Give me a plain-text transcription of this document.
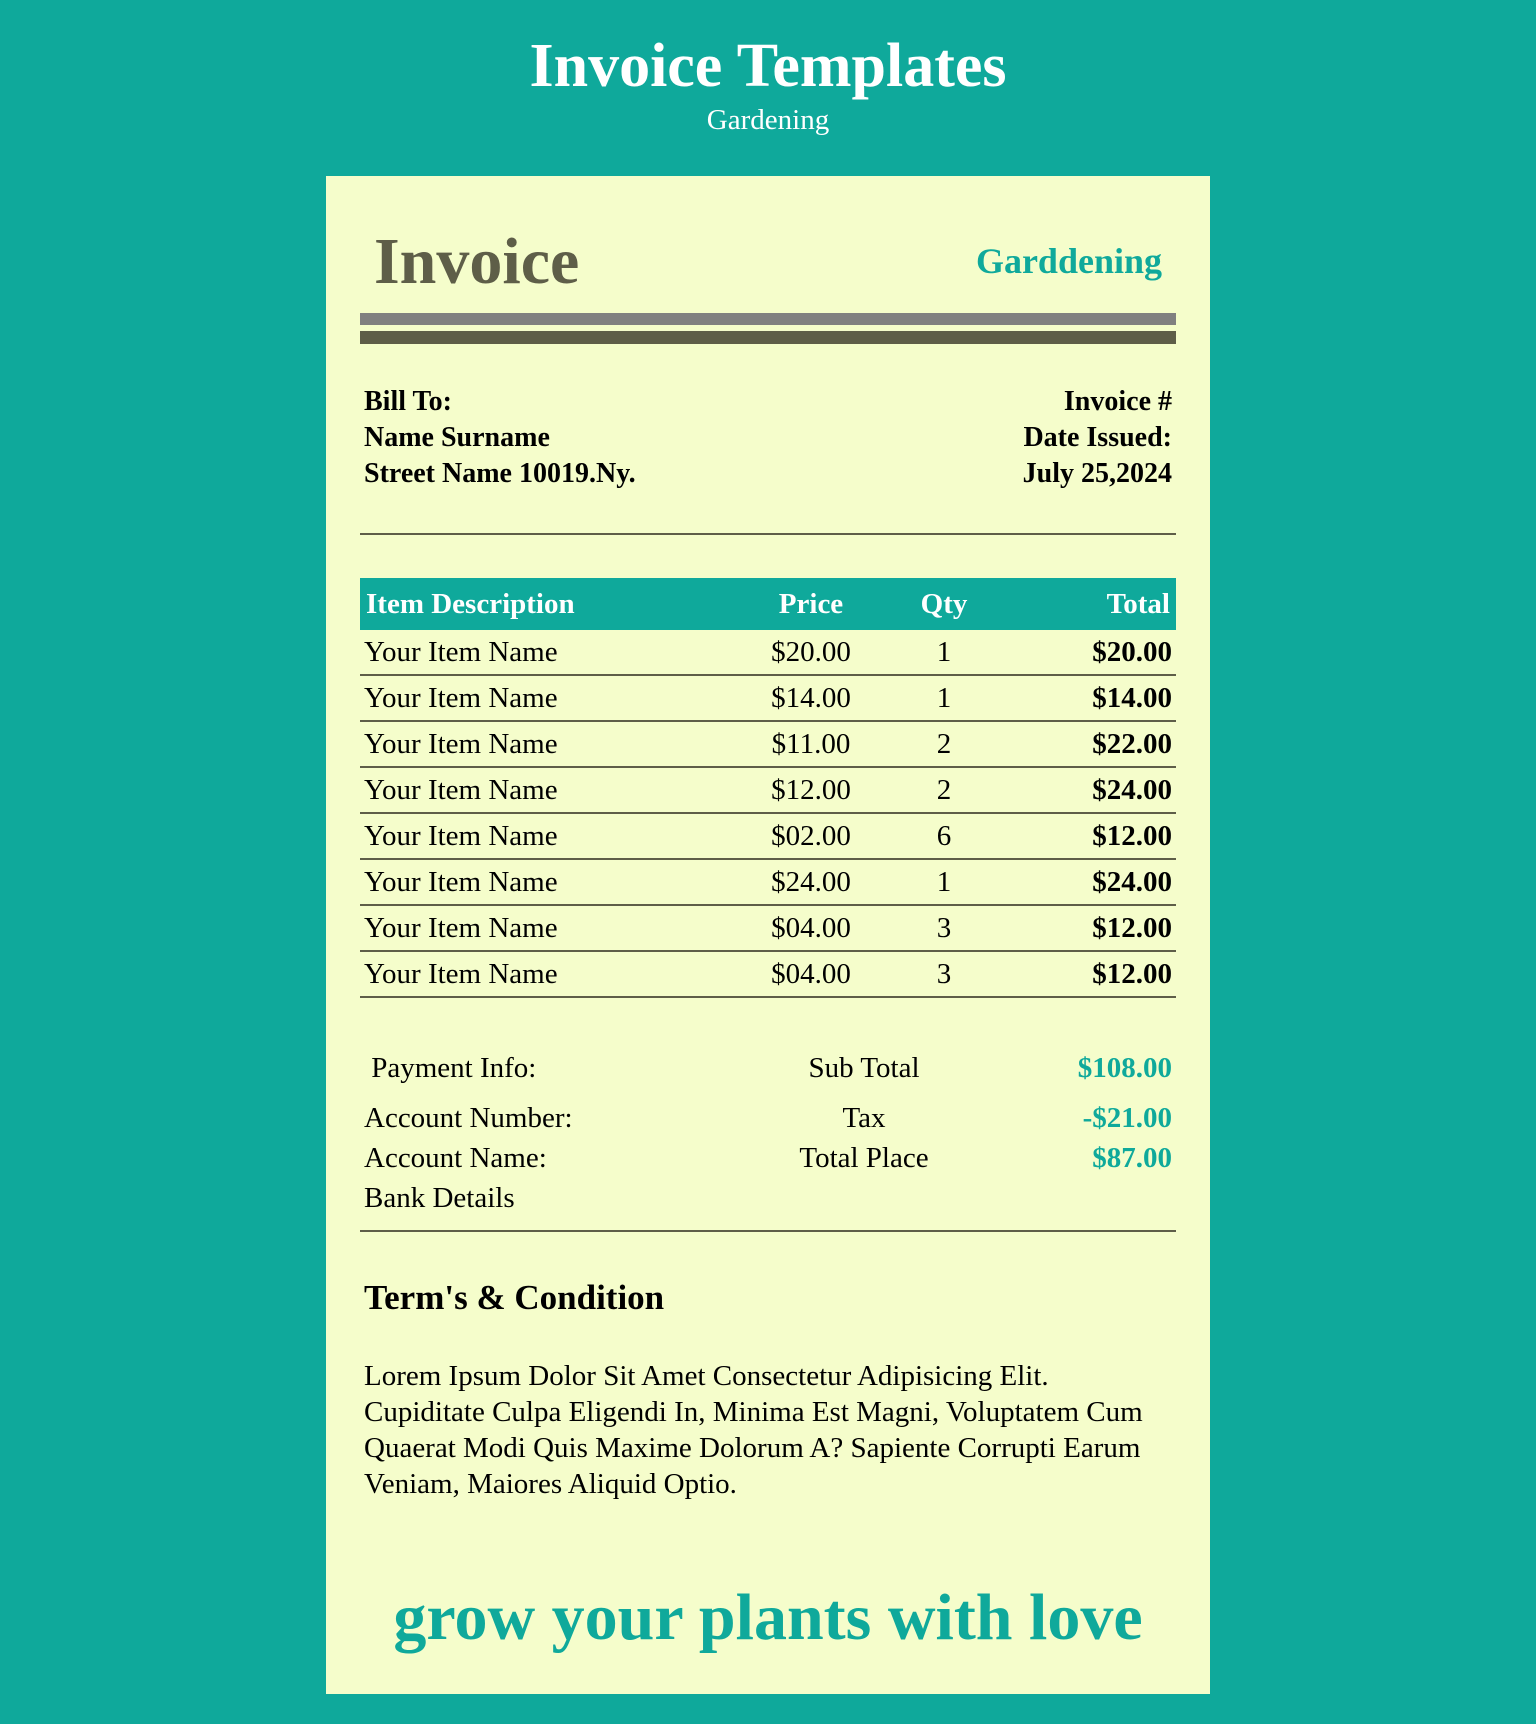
Invoice Templates
Gardening
Invoice	Garddening
Bill To:
Name Surname
Street Name 10019.Ny.
Invoice #
Date Issued:
July 25,2024
Item Description	Price	Qty	Total
Your Item Name	$20.00	1	$20.00
Your Item Name	$14.00	1	$14.00
Your Item Name	$11.00	2	$22.00
Your Item Name	$12.00	2	$24.00
Your Item Name	$02.00	6	$12.00
Your Item Name	$24.00	1	$24.00
Your Item Name	$04.00	3	$12.00
Your Item Name	$04.00	3	$12.00
Payment Info:	Sub Total	$108.00
Account Number:	Tax	-$21.00
Account Name:	Total Place	$87.00
Bank Details
Term's & Condition
Lorem Ipsum Dolor Sit Amet Consectetur Adipisicing Elit. Cupiditate Culpa Eligendi In, Minima Est Magni, Voluptatem Cum Quaerat Modi Quis Maxime Dolorum A? Sapiente Corrupti Earum Veniam, Maiores Aliquid Optio.
grow your plants with love
